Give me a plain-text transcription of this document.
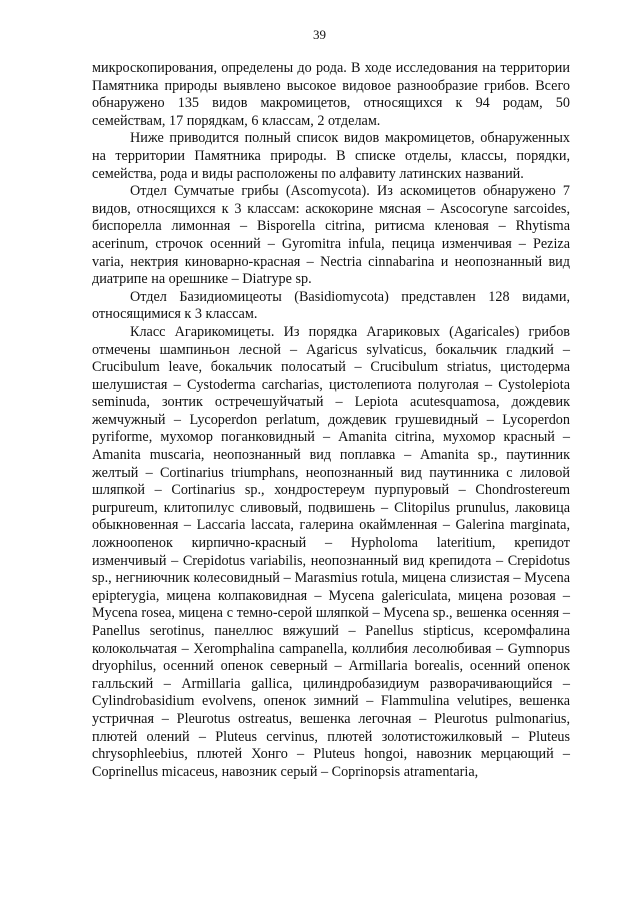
39

микроскопирования, определены до рода. В ходе исследования на территории Памятника природы выявлено высокое видовое разнообразие грибов. Всего обнаружено 135 видов макромицетов, относящихся к 94 родам, 50 семействам, 17 порядкам, 6 классам, 2 отделам.

Ниже приводится полный список видов макромицетов, обнаруженных на территории Памятника природы. В списке отделы, классы, порядки, семейства, рода и виды расположены по алфавиту латинских названий.

Отдел Сумчатые грибы (Ascomycota). Из аскомицетов обнаружено 7 видов, относящихся к 3 классам: аскокорине мясная – Ascocoryne sarcoides, биспорелла лимонная – Bisporella citrina, ритисма кленовая – Rhytisma acerinum, строчок осенний – Gyromitra infula, пецица изменчивая – Peziza varia, нектрия киноварно-красная – Nectria cinnabarina и неопознанный вид диатрипе на орешнике – Diatrype sp.

Отдел Базидиомицеоты (Basidiomycota) представлен 128 видами, относящимися к 3 классам.

Класс Агарикомицеты. Из порядка Агариковых (Agaricales) грибов отмечены шампиньон лесной – Agaricus sylvaticus, бокальчик гладкий – Crucibulum leave, бокальчик полосатый – Crucibulum striatus, цистодерма шелушистая – Cystoderma carcharias, цистолепиота полуголая – Cystolepiota seminuda, зонтик остречешуйчатый – Lepiota acutesquamosa, дождевик жемчужный – Lycoperdon perlatum, дождевик грушевидный – Lycoperdon pyriforme, мухомор поганковидный – Amanita citrina, мухомор красный – Amanita muscaria, неопознанный вид поплавка – Amanita sp., паутинник желтый – Cortinarius triumphans, неопознанный вид паутинника с лиловой шляпкой – Cortinarius sp., хондростереум пурпуровый – Chondrostereum purpureum, клитопилус сливовый, подвишень – Clitopilus prunulus, лаковица обыкновенная – Laccaria laccata, галерина окаймленная – Galerina marginata, ложноопенок кирпично-красный – Hypholoma lateritium, крепидот изменчивый – Crepidotus variabilis, неопознанный вид крепидота – Crepidotus sp., негниючник колесовидный – Marasmius rotula, мицена слизистая – Mycena epipterygia, мицена колпаковидная – Mycena galericulata, мицена розовая – Mycena rosea, мицена с темно-серой шляпкой – Mycena sp., вешенка осенняя – Panellus serotinus, панеллюс вяжуший – Panellus stipticus, ксеромфалина колокольчатая – Xeromphalina campanella, коллибия лесолюбивая – Gymnopus dryophilus, осенний опенок северный – Armillaria borealis, осенний опенок галльский – Armillaria gallica, цилиндробазидиум разворачивающийся – Cylindrobasidium evolvens, опенок зимний – Flammulina velutipes, вешенка устричная – Pleurotus ostreatus, вешенка легочная – Pleurotus pulmonarius, плютей олений – Pluteus cervinus, плютей золотистожилковый – Pluteus chrysophleebius, плютей Хонго – Pluteus hongoi, навозник мерцающий – Coprinellus micaceus, навозник серый – Coprinopsis atramentaria,
